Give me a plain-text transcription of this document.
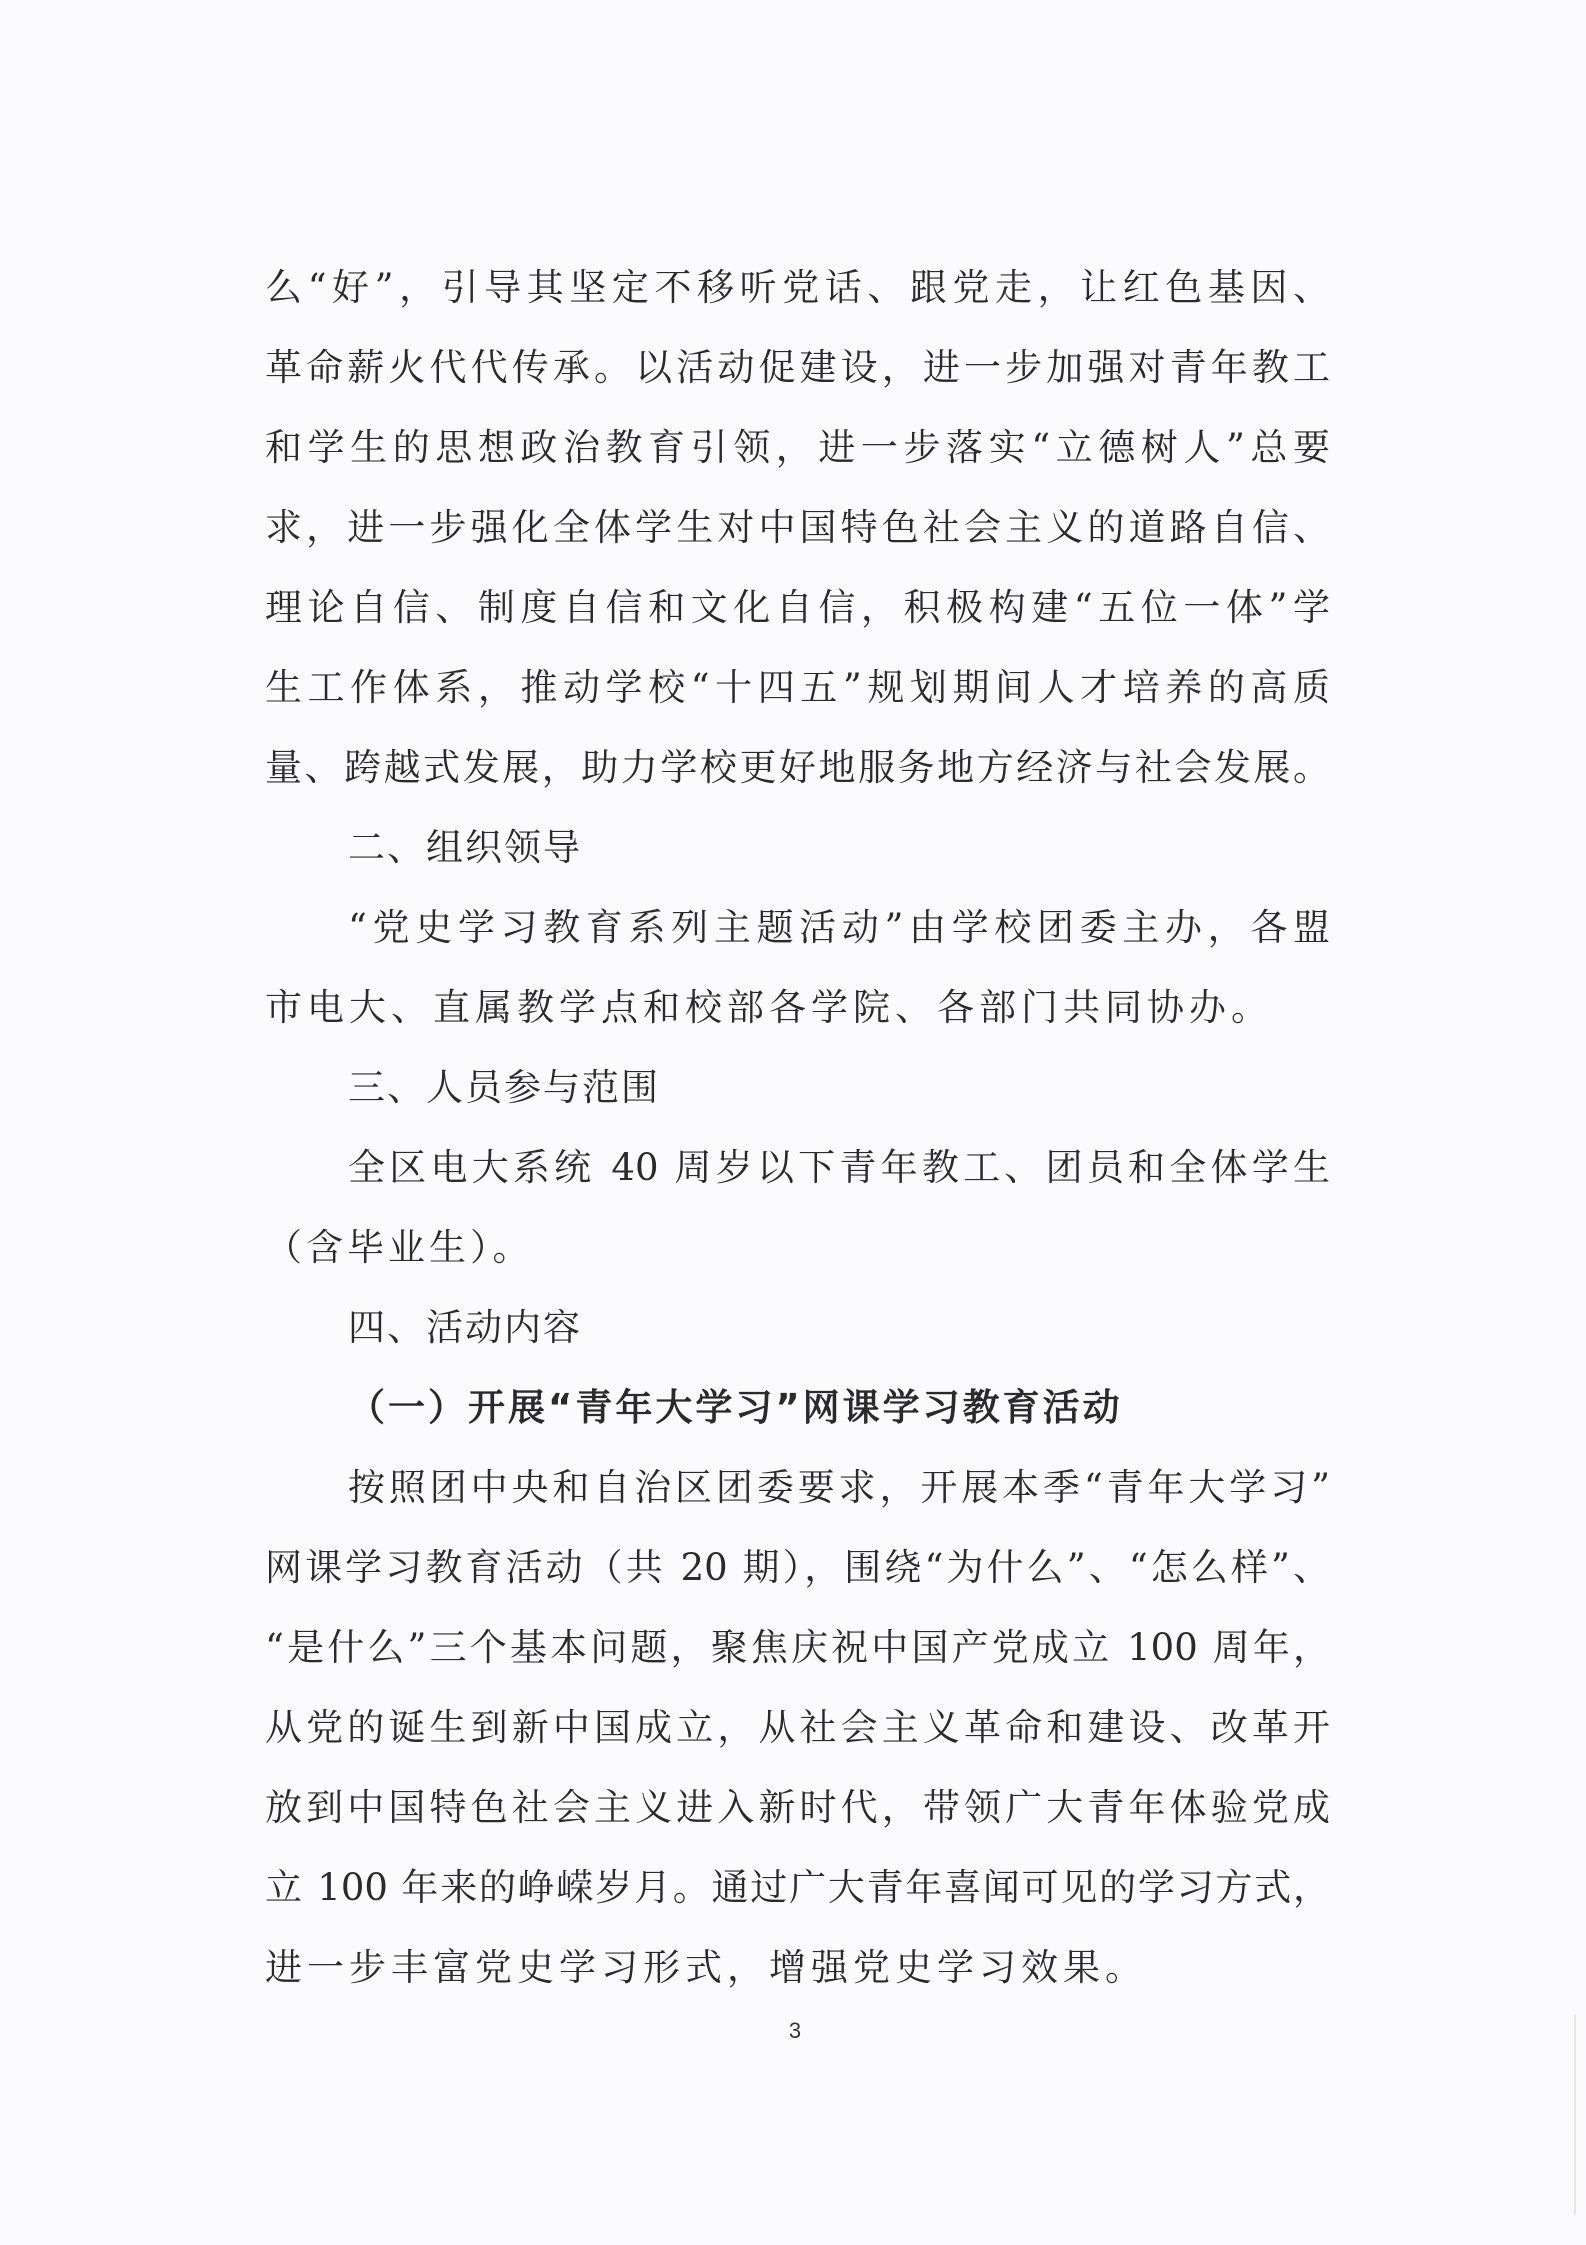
么“好”，引导其坚定不移听党话、跟党走，让红色基因、
革命薪火代代传承。以活动促建设，进一步加强对青年教工
和学生的思想政治教育引领，进一步落实“立德树人”总要
求，进一步强化全体学生对中国特色社会主义的道路自信、
理论自信、制度自信和文化自信，积极构建“五位一体”学
生工作体系，推动学校“十四五”规划期间人才培养的高质
量、跨越式发展，助力学校更好地服务地方经济与社会发展。
二、组织领导
“党史学习教育系列主题活动”由学校团委主办，各盟
市电大、直属教学点和校部各学院、各部门共同协办。
三、人员参与范围
全区电大系统 40 周岁以下青年教工、团员和全体学生
（含毕业生）。
四、活动内容
（一）开展“青年大学习”网课学习教育活动
按照团中央和自治区团委要求，开展本季“青年大学习”
网课学习教育活动（共 20 期），围绕“为什么”、“怎么样”、
“是什么”三个基本问题，聚焦庆祝中国产党成立 100 周年，
从党的诞生到新中国成立，从社会主义革命和建设、改革开
放到中国特色社会主义进入新时代，带领广大青年体验党成
立 100 年来的峥嵘岁月。通过广大青年喜闻可见的学习方式，
进一步丰富党史学习形式，增强党史学习效果。
3
